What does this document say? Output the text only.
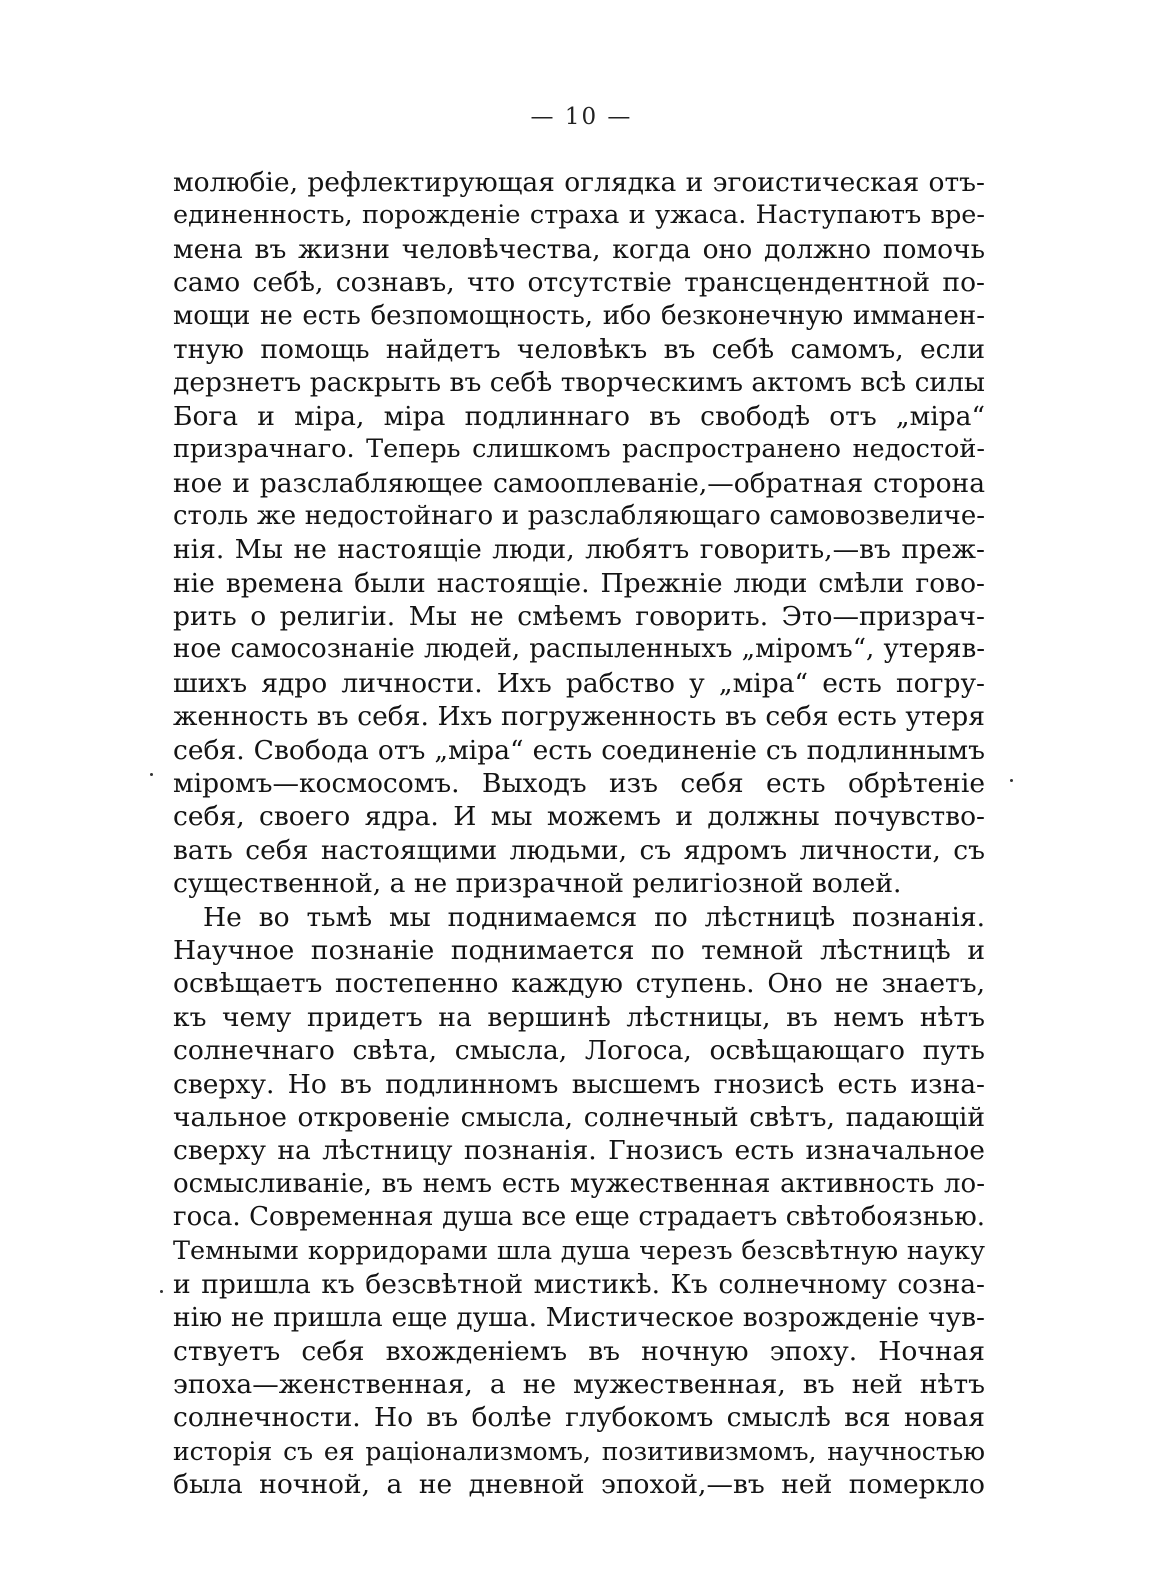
— 10 —
молюбіе, рефлектирующая оглядка и эгоистическая отъ-
единенность, порожденіе страха и ужаса. Наступаютъ вре-
мена въ жизни человѣчества, когда оно должно помочь
само себѣ, сознавъ, что отсутствіе трансцендентной по-
мощи не есть безпомощность, ибо безконечную имманен-
тную помощь найдетъ человѣкъ въ себѣ самомъ, если
дерзнетъ раскрыть въ себѣ творческимъ актомъ всѣ силы
Бога и міра, міра подлиннаго въ свободѣ отъ „міра“
призрачнаго. Теперь слишкомъ распространено недостой-
ное и разслабляющее самооплеваніе,—обратная сторона
столь же недостойнаго и разслабляющаго самовозвеличе-
нія. Мы не настоящіе люди, любятъ говорить,—въ преж-
ніе времена были настоящіе. Прежніе люди смѣли гово-
рить о религіи. Мы не смѣемъ говорить. Это—призрач-
ное самосознаніе людей, распыленныхъ „міромъ“, утеряв-
шихъ ядро личности. Ихъ рабство у „міра“ есть погру-
женность въ себя. Ихъ погруженность въ себя есть утеря
себя. Свобода отъ „міра“ есть соединеніе съ подлиннымъ
міромъ—космосомъ. Выходъ изъ себя есть обрѣтеніе
себя, своего ядра. И мы можемъ и должны почувство-
вать себя настоящими людьми, съ ядромъ личности, съ
существенной, а не призрачной религіозной волей.
Не во тьмѣ мы поднимаемся по лѣстницѣ познанія.
Научное познаніе поднимается по темной лѣстницѣ и
освѣщаетъ постепенно каждую ступень. Оно не знаетъ,
къ чему придетъ на вершинѣ лѣстницы, въ немъ нѣтъ
солнечнаго свѣта, смысла, Логоса, освѣщающаго путь
сверху. Но въ подлинномъ высшемъ гнозисѣ есть изна-
чальное откровеніе смысла, солнечный свѣтъ, падающій
сверху на лѣстницу познанія. Гнозисъ есть изначальное
осмысливаніе, въ немъ есть мужественная активность ло-
госа. Современная душа все еще страдаетъ свѣтобоязнью.
Темными корридорами шла душа черезъ безсвѣтную науку
и пришла къ безсвѣтной мистикѣ. Къ солнечному созна-
нію не пришла еще душа. Мистическое возрожденіе чув-
ствуетъ себя вхожденіемъ въ ночную эпоху. Ночная
эпоха—женственная, а не мужественная, въ ней нѣтъ
солнечности. Но въ болѣе глубокомъ смыслѣ вся новая
исторія съ ея раціонализмомъ, позитивизмомъ, научностью
была ночной, а не дневной эпохой,—въ ней померкло
